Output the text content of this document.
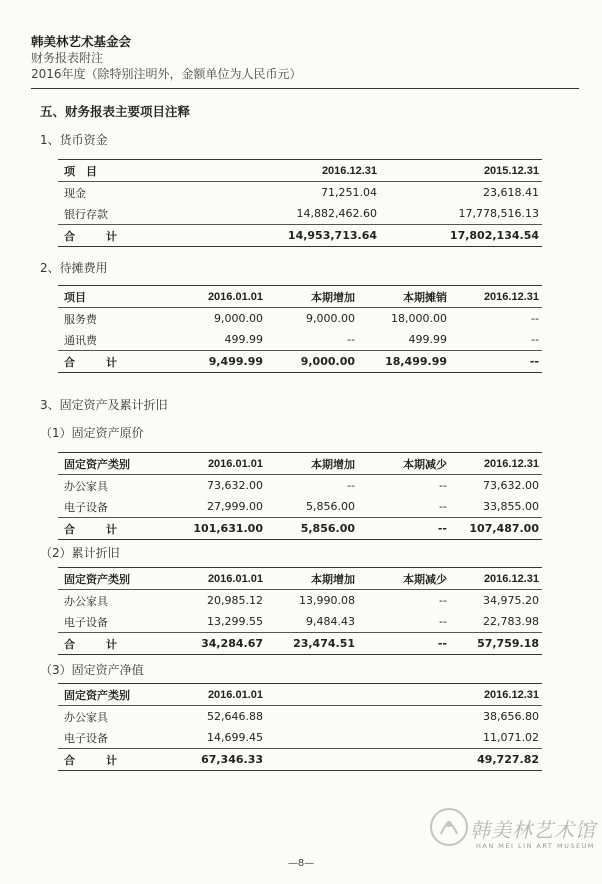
韩美林艺术基金会
财务报表附注
2016年度（除特别注明外，金额单位为人民币元）
五、财务报表主要项目注释
1、货币资金
项　目	2016.12.31	2015.12.31
现金	71,251.04	23,618.41
银行存款	14,882,462.60	17,778,516.13
合　计	14,953,713.64	17,802,134.54
2、待摊费用
项目	2016.01.01	本期增加	本期摊销	2016.12.31
服务费	9,000.00	9,000.00	18,000.00	--
通讯费	499.99	--	499.99	--
合　计	9,499.99	9,000.00	18,499.99	--
3、固定资产及累计折旧
（1）固定资产原价
固定资产类别	2016.01.01	本期增加	本期减少	2016.12.31
办公家具	73,632.00	--	--	73,632.00
电子设备	27,999.00	5,856.00	--	33,855.00
合　计	101,631.00	5,856.00	--	107,487.00
（2）累计折旧
固定资产类别	2016.01.01	本期增加	本期减少	2016.12.31
办公家具	20,985.12	13,990.08	--	34,975.20
电子设备	13,299.55	9,484.43	--	22,783.98
合　计	34,284.67	23,474.51	--	57,759.18
（3）固定资产净值
固定资产类别	2016.01.01			2016.12.31
办公家具	52,646.88			38,656.80
电子设备	14,699.45			11,071.02
合　计	67,346.33			49,727.82
韩美林艺术馆
HAN MEI LIN ART MUSEUM
—8—
